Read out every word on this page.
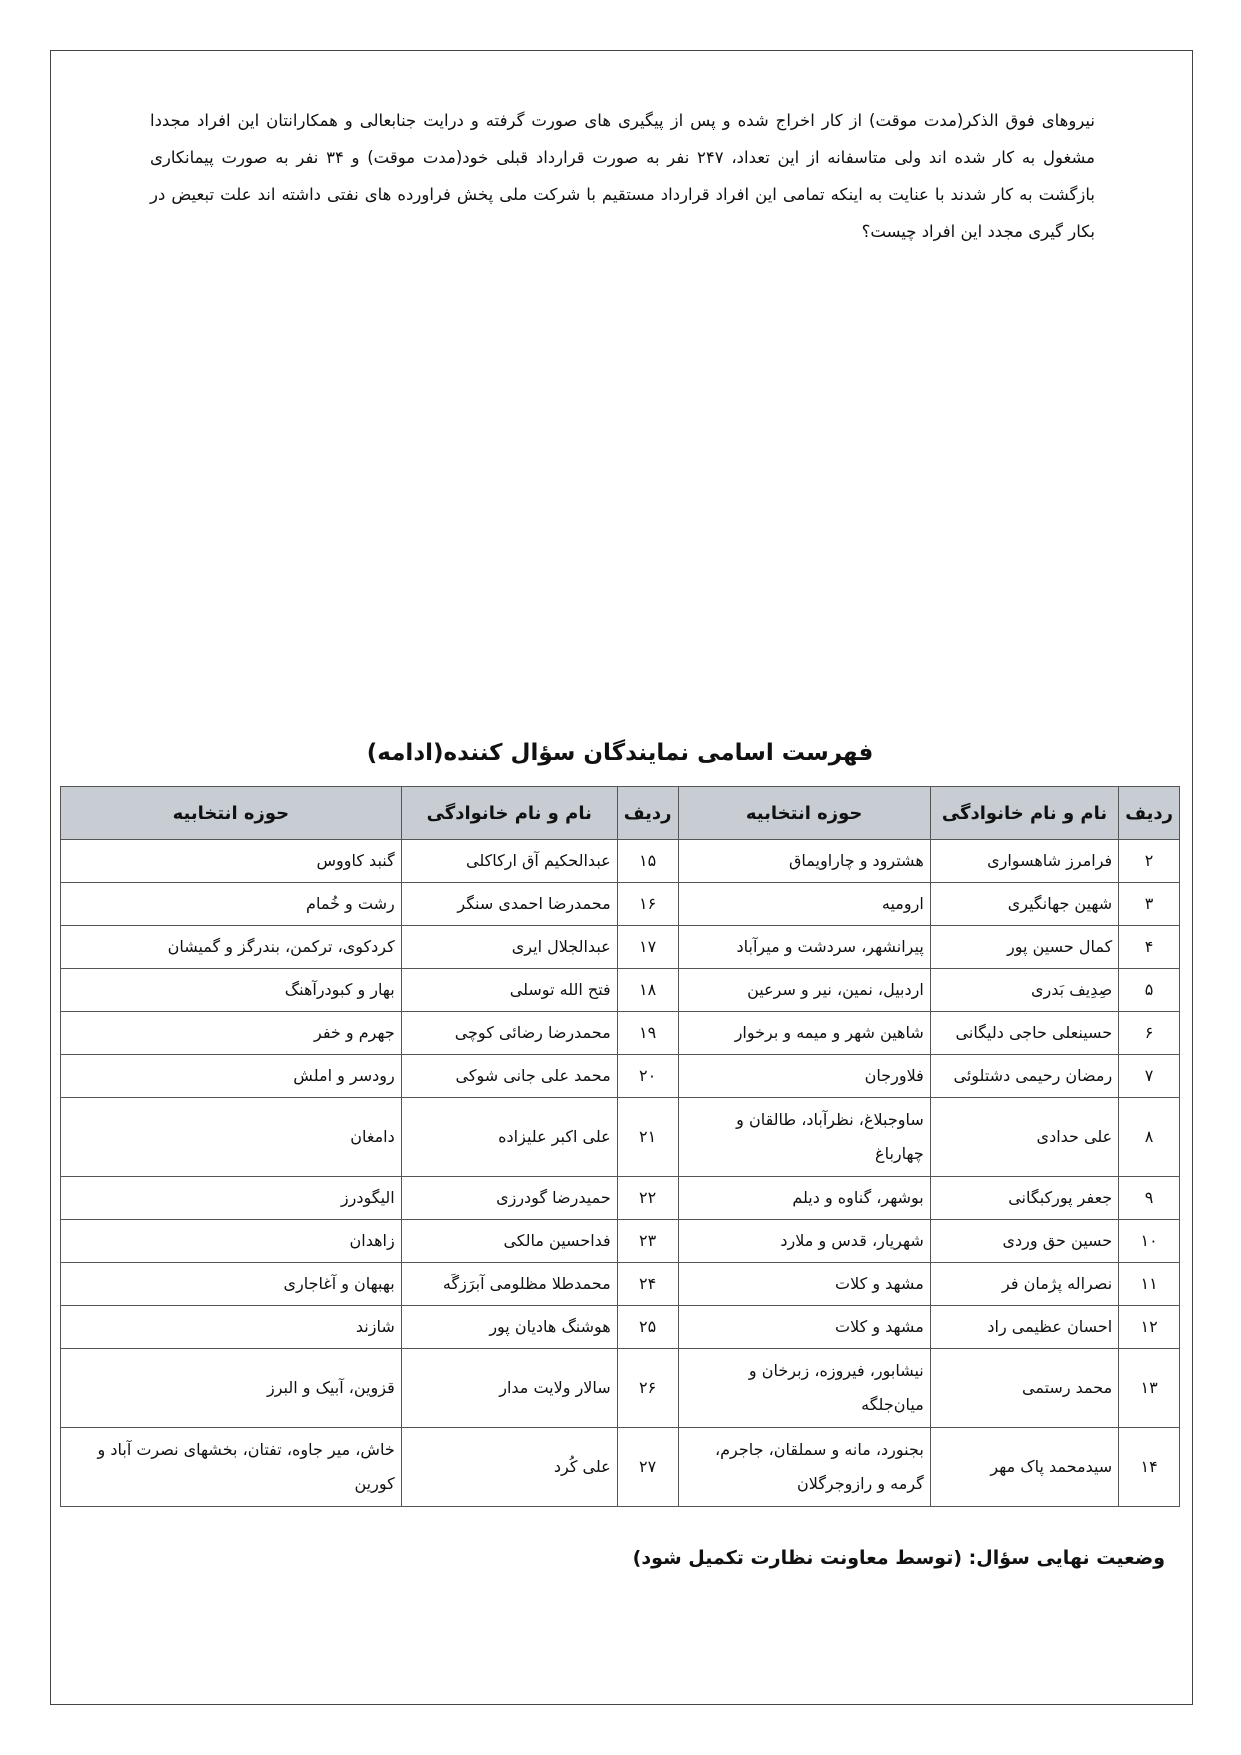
نیروهای فوق الذکر(مدت موقت) از کار اخراج شده و پس از پیگیری های صورت گرفته و درایت جنابعالی و همکارانتان این افراد مجددا مشغول به کار شده اند ولی متاسفانه از این تعداد، ۲۴۷ نفر به صورت قرارداد قبلی خود(مدت موقت) و ۳۴ نفر به صورت پیمانکاری بازگشت به کار شدند با عنایت به اینکه تمامی این افراد قرارداد مستقیم با شرکت ملی پخش فراورده های نفتی داشته اند علت تبعیض در بکار گیری مجدد این افراد چیست؟

فهرست اسامی نمایندگان سؤال کننده(ادامه)
ردیف	نام و نام خانوادگی	حوزه انتخابیه	ردیف	نام و نام خانوادگی	حوزه انتخابیه
۲	فرامرز شاهسواری	هشترود و چاراویماق	۱۵	عبدالحکیم آق ارکاکلی	گنبد کاووس
۳	شهین جهانگیری	ارومیه	۱۶	محمدرضا احمدی سنگر	رشت و خُمام
۴	کمال حسین پور	پیرانشهر، سردشت و میرآباد	۱۷	عبدالجلال ایری	کردکوی، ترکمن، بندرگز و گمیشان
۵	صِدِیف بَدری	اردبیل، نمین، نیر و سرعین	۱۸	فتح الله توسلی	بهار و کبودرآهنگ
۶	حسینعلی حاجی دلیگانی	شاهین شهر و میمه و برخوار	۱۹	محمدرضا رضائی کوچی	جهرم و خفر
۷	رمضان رحیمی دشتلوئی	فلاورجان	۲۰	محمد علی جانی شوکی	رودسر و املش
۸	علی حدادی	ساوجبلاغ، نظرآباد، طالقان و چهارباغ	۲۱	علی اکبر علیزاده	دامغان
۹	جعفر پورکبگانی	بوشهر، گناوه و دیلم	۲۲	حمیدرضا گودرزی	الیگودرز
۱۰	حسین حق وردی	شهریار، قدس و ملارد	۲۳	فداحسین مالکی	زاهدان
۱۱	نصراله پژمان فر	مشهد و کلات	۲۴	محمدطلا مظلومی آبرَزگَه	بهبهان و آغاجاری
۱۲	احسان عظیمی راد	مشهد و کلات	۲۵	هوشنگ هادیان پور	شازند
۱۳	محمد رستمی	نیشابور، فیروزه، زبرخان و میان‌جلگه	۲۶	سالار ولایت مدار	قزوین، آبیک و البرز
۱۴	سیدمحمد پاک مهر	بجنورد، مانه و سملقان، جاجرم، گرمه و رازوجرگلان	۲۷	علی کُرد	خاش، میر جاوه، تفتان، بخشهای نصرت آباد و کورین

وضعیت نهایی سؤال: (توسط معاونت نظارت تکمیل شود)
